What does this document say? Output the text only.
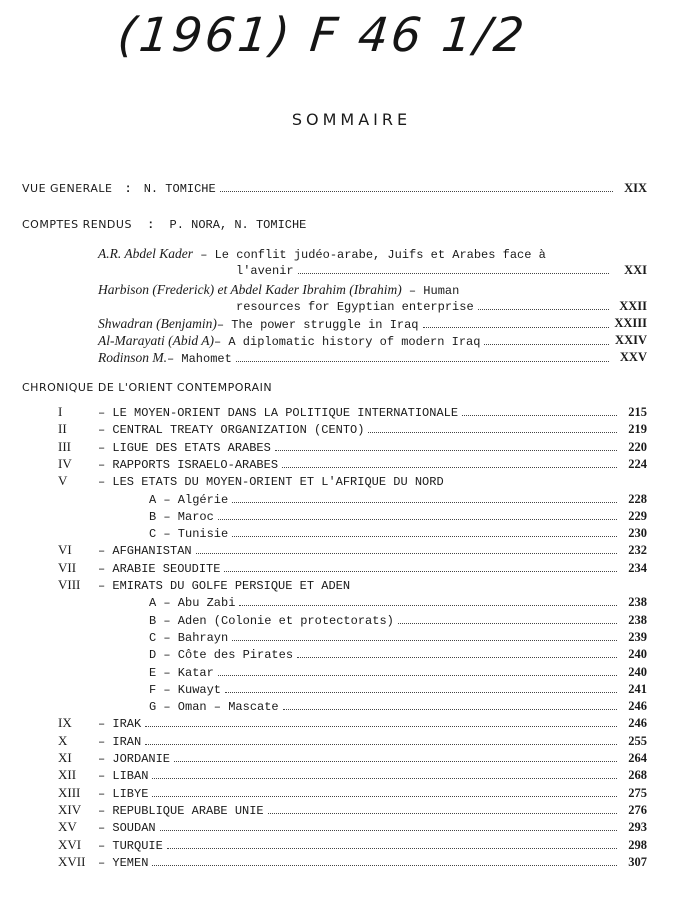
(1961) F 46 1/2
SOMMAIRE
VUE GENERALE : N. TOMICHE	XIX
COMPTES RENDUS : P. NORA, N. TOMICHE
A.R. Abdel Kader – Le conflit judéo-arabe, Juifs et Arabes face à
l'avenir	XXI
Harbison (Frederick) et Abdel Kader Ibrahim (Ibrahim) – Human
resources for Egyptian enterprise	XXII
Shwadran (Benjamin) – The power struggle in Iraq	XXIII
Al-Marayati (Abid A) – A diplomatic history of modern Iraq	XXIV
Rodinson M. – Mahomet	XXV
CHRONIQUE DE L'ORIENT CONTEMPORAIN
I	– LE MOYEN-ORIENT DANS LA POLITIQUE INTERNATIONALE	215
II	– CENTRAL TREATY ORGANIZATION (CENTO)	219
III – LIGUE DES ETATS ARABES	220
IV – RAPPORTS ISRAELO-ARABES	224
V	– LES ETATS DU MOYEN-ORIENT ET L'AFRIQUE DU NORD
A – Algérie	228
B – Maroc	229
C – Tunisie	230
VI – AFGHANISTAN	232
VII – ARABIE SEOUDITE	234
VIII – EMIRATS DU GOLFE PERSIQUE ET ADEN
A – Abu Zabi	238
B – Aden (Colonie et protectorats)	238
C – Bahrayn	239
D – Côte des Pirates	240
E – Katar	240
F – Kuwayt	241
G – Oman – Mascate	246
IX – IRAK	246
X	– IRAN	255
XI – JORDANIE	264
XII – LIBAN	268
XIII – LIBYE	275
XIV – REPUBLIQUE ARABE UNIE	276
XV – SOUDAN	293
XVI – TURQUIE	298
XVII – YEMEN	307
